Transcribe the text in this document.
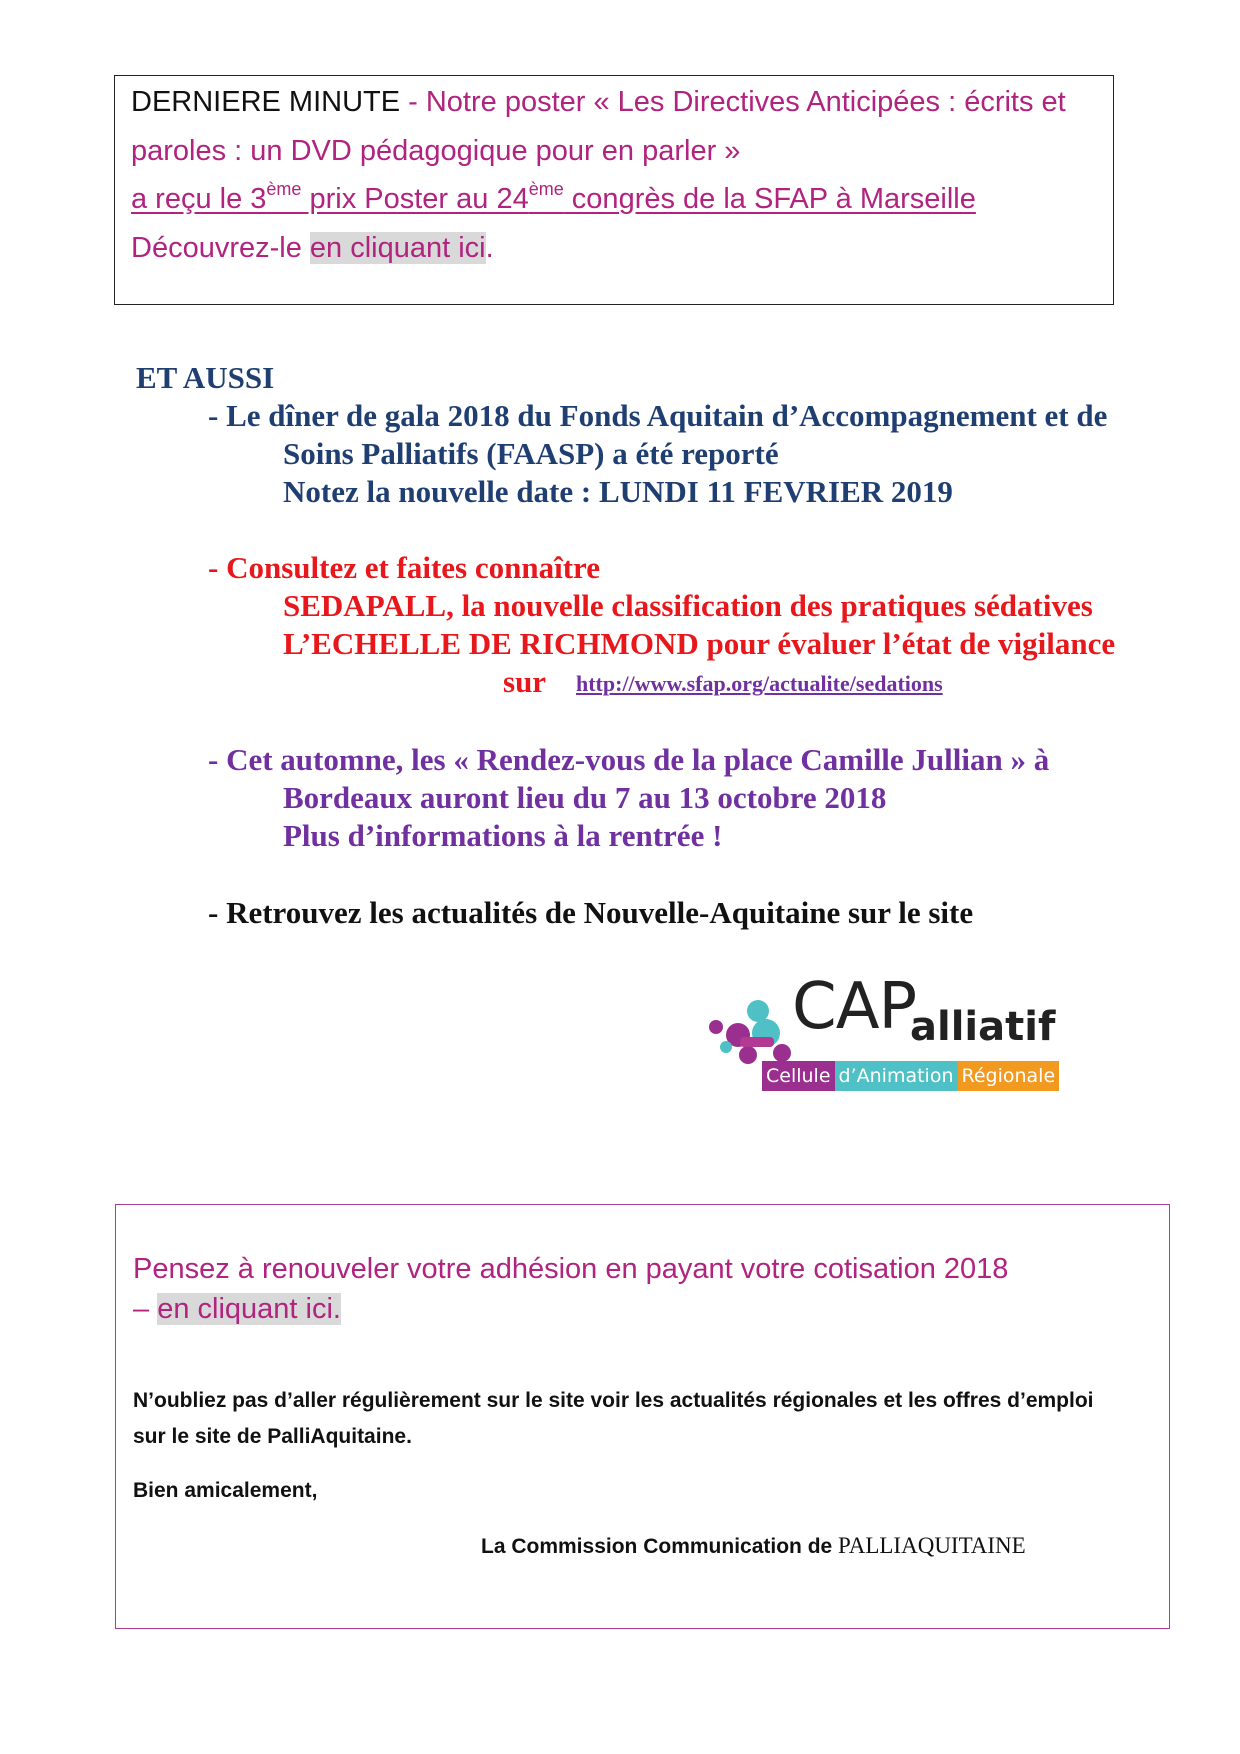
DERNIERE MINUTE - Notre poster « Les Directives Anticipées : écrits et
paroles : un DVD pédagogique pour en parler »
a reçu le 3ème prix Poster au 24ème congrès de la SFAP à Marseille
Découvrez-le en cliquant ici.
ET AUSSI
- Le dîner de gala 2018 du Fonds Aquitain d’Accompagnement et de
Soins Palliatifs (FAASP) a été reporté
Notez la nouvelle date : LUNDI 11 FEVRIER 2019
- Consultez et faites connaître
SEDAPALL, la nouvelle classification des pratiques sédatives
L’ECHELLE DE RICHMOND pour évaluer l’état de vigilance
sur http://www.sfap.org/actualite/sedations
- Cet automne, les « Rendez-vous de la place Camille Jullian » à
Bordeaux auront lieu du 7 au 13 octobre 2018
Plus d’informations à la rentrée !
- Retrouvez les actualités de Nouvelle-Aquitaine sur le site
CAP
alliatif
Cellule d’Animation Régionale
Pensez à renouveler votre adhésion en payant votre cotisation 2018
– en cliquant ici.
N’oubliez pas d’aller régulièrement sur le site voir les actualités régionales et les offres d’emploi
sur le site de PalliAquitaine.
Bien amicalement,
La Commission Communication de PALLIAQUITAINE
